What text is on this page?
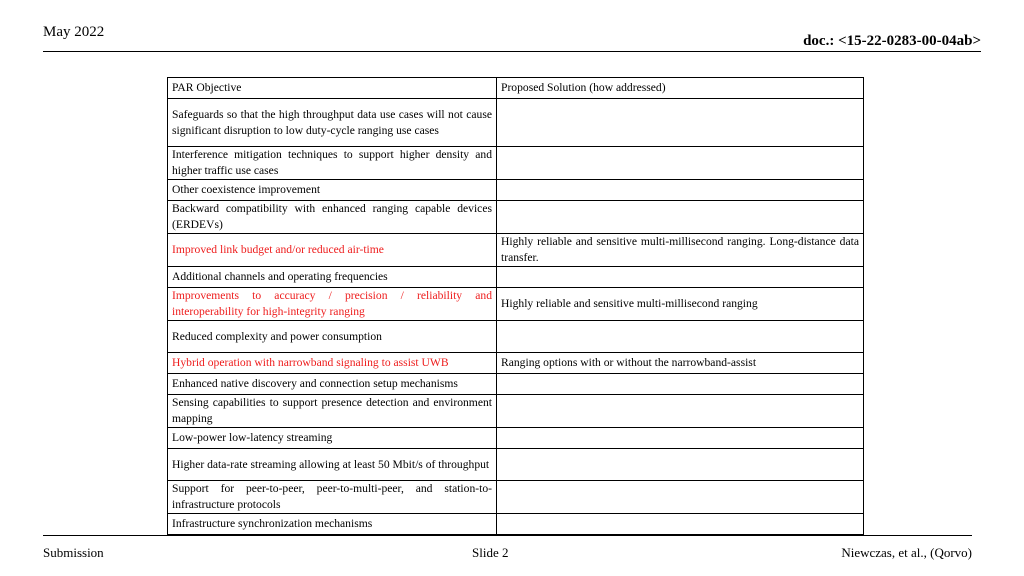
May 2022
doc.: <15-22-0283-00-04ab>
PAR Objective	Proposed Solution (how addressed)
Safeguards so that the high throughput data use cases will not cause significant disruption to low duty-cycle ranging use cases	
Interference mitigation techniques to support higher density and higher traffic use cases	
Other coexistence improvement	
Backward compatibility with enhanced ranging capable devices (ERDEVs)	
Improved link budget and/or reduced air-time	Highly reliable and sensitive multi-millisecond ranging. Long-distance data transfer.
Additional channels and operating frequencies	
Improvements to accuracy / precision / reliability and interoperability for high-integrity ranging	Highly reliable and sensitive multi-millisecond ranging
Reduced complexity and power consumption	
Hybrid operation with narrowband signaling to assist UWB	Ranging options with or without the narrowband-assist
Enhanced native discovery and connection setup mechanisms	
Sensing capabilities to support presence detection and environment mapping	
Low-power low-latency streaming	
Higher data-rate streaming allowing at least 50 Mbit/s of throughput	
Support for peer-to-peer, peer-to-multi-peer, and station-to-infrastructure protocols	
Infrastructure synchronization mechanisms	
Submission	Slide 2	Niewczas, et al., (Qorvo)
